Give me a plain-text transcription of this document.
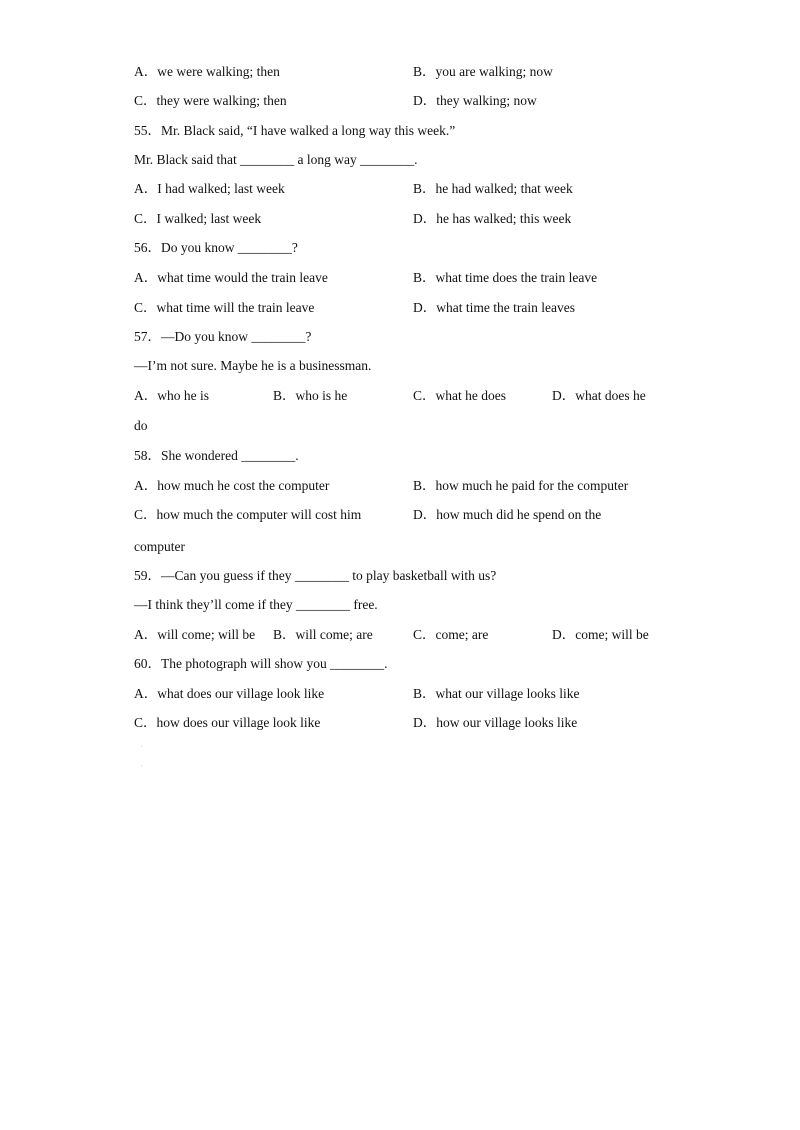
A．we were walking; then	B．you are walking; now
C．they were walking; then	D．they walking; now
55．Mr. Black said, “I have walked a long way this week.”
Mr. Black said that ________ a long way ________.
A．I had walked; last week	B．he had walked; that week
C．I walked; last week	D．he has walked; this week
56．Do you know ________?
A．what time would the train leave	B．what time does the train leave
C．what time will the train leave	D．what time the train leaves
57．—Do you know ________?
—I’m not sure. Maybe he is a businessman.
A．who he is	B．who is he	C．what he does	D．what does he
do
58．She wondered ________.
A．how much he cost the computer	B．how much he paid for the computer
C．how much the computer will cost him	D．how much did he spend on the
computer
59．—Can you guess if they ________ to play basketball with us?
—I think they’ll come if they ________ free.
A．will come; will be B．will come; are	C．come; are	D．come; will be
60．The photograph will show you ________.
A．what does our village look like	B．what our village looks like
C．how does our village look like	D．how our village looks like
·
·
